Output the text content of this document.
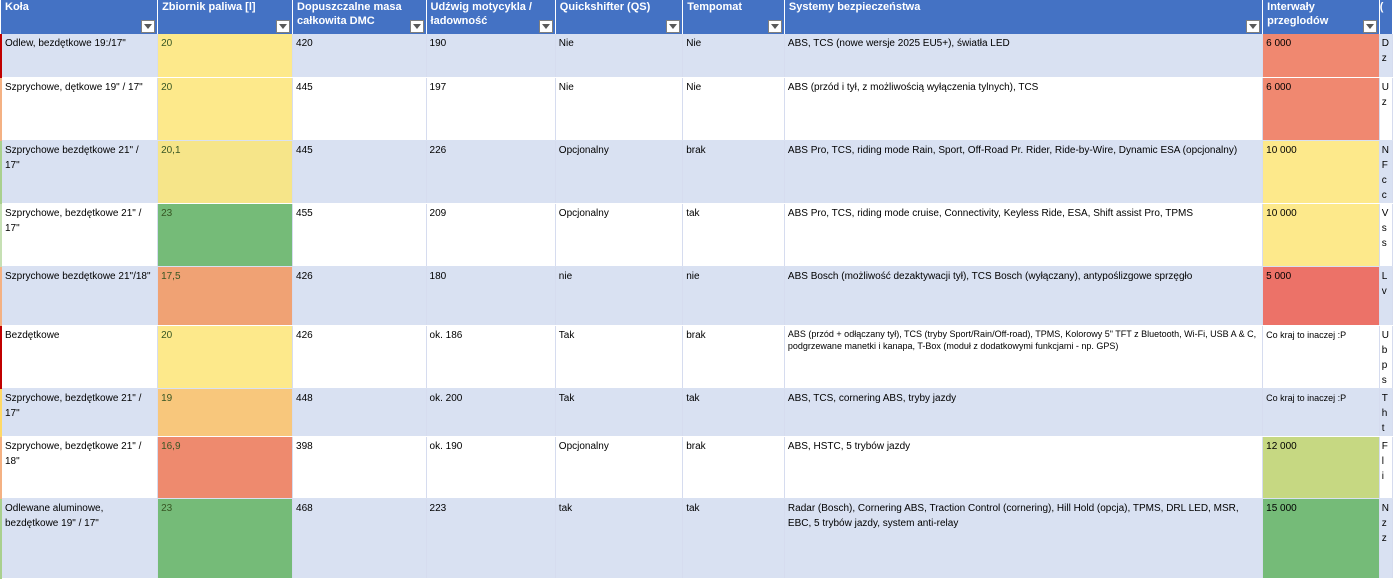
Koła	Zbiornik paliwa [l]	Dopuszczalne masa całkowita DMC	Udźwig motycykla / ładowność	Quickshifter (QS)	Tempomat	Systemy bezpieczeństwa	Interwały przeglodów	(
Odlew, bezdętkowe 19:/17"	20	420	190	Nie	Nie	ABS, TCS (nowe wersje 2025 EU5+), światła LED	6 000	D
z
Szprychowe, dętkowe 19" / 17"	20	445	197	Nie	Nie	ABS (przód i tył, z możliwością wyłączenia tylnych), TCS	6 000	U
z
Szprychowe bezdętkowe 21" / 17"	20,1	445	226	Opcjonalny	brak	ABS Pro, TCS, riding mode Rain, Sport, Off-Road Pr. Rider, Ride-by-Wire, Dynamic ESA (opcjonalny)	10 000	N
F
c
c
Szprychowe, bezdętkowe 21" / 17"	23	455	209	Opcjonalny	tak	ABS Pro, TCS, riding mode cruise, Connectivity, Keyless Ride, ESA, Shift assist Pro, TPMS	10 000	V
s
s
Szprychowe bezdętkowe 21"/18"	17,5	426	180	nie	nie	ABS Bosch (możliwość dezaktywacji tył), TCS Bosch (wyłączany), antypoślizgowe sprzęgło	5 000	L
v
Bezdętkowe	20	426	ok. 186	Tak	brak	ABS (przód + odłączany tył), TCS (tryby Sport/Rain/Off-road), TPMS, Kolorowy 5" TFT z Bluetooth, Wi-Fi, USB A & C, podgrzewane manetki i kanapa, T-Box (moduł z dodatkowymi funkcjami - np. GPS)	Co kraj to inaczej :P	U
b
p
s
Szprychowe, bezdętkowe 21" / 17"	19	448	ok. 200	Tak	tak	ABS, TCS, cornering ABS, tryby jazdy	Co kraj to inaczej :P	T
h
t
Szprychowe, bezdętkowe 21" / 18"	16,9	398	ok. 190	Opcjonalny	brak	ABS, HSTC, 5 trybów jazdy	12 000	F
l
i
Odlewane aluminowe, bezdętkowe 19" / 17"	23	468	223	tak	tak	Radar (Bosch), Cornering ABS, Traction Control (cornering), Hill Hold (opcja), TPMS, DRL LED, MSR, EBC, 5 trybów jazdy, system anti-relay	15 000	N
z
z
